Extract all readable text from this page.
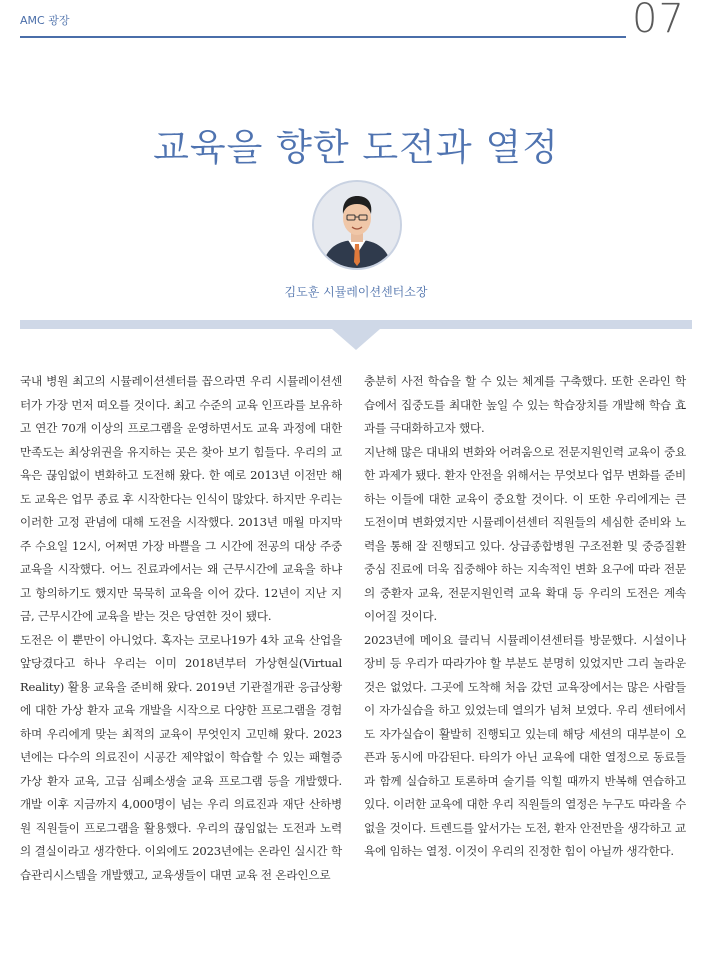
AMC 광장	07
교육을 향한 도전과 열정
김도훈 시뮬레이션센터소장

국내 병원 최고의 시뮬레이션센터를 꼽으라면 우리 시뮬레이션센터가 가장 먼저 떠오를 것이다. 최고 수준의 교육 인프라를 보유하고 연간 70개 이상의 프로그램을 운영하면서도 교육 과정에 대한 만족도는 최상위권을 유지하는 곳은 찾아 보기 힘들다. 우리의 교육은 끊임없이 변화하고 도전해 왔다. 한 예로 2013년 이전만 해도 교육은 업무 종료 후 시작한다는 인식이 많았다. 하지만 우리는 이러한 고정 관념에 대해 도전을 시작했다. 2013년 매월 마지막 주 수요일 12시, 어쩌면 가장 바쁠을 그 시간에 전공의 대상 주중 교육을 시작했다. 어느 진료과에서는 왜 근무시간에 교육을 하냐고 항의하기도 했지만 묵묵히 교육을 이어 갔다. 12년이 지난 지금, 근무시간에 교육을 받는 것은 당연한 것이 됐다.

도전은 이 뿐만이 아니었다. 혹자는 코로나19가 4차 교육 산업을 앞당겼다고 하나 우리는 이미 2018년부터 가상현실(Virtual Reality) 활용 교육을 준비해 왔다. 2019년 기관절개관 응급상황에 대한 가상 환자 교육 개발을 시작으로 다양한 프로그램을 경험하며 우리에게 맞는 최적의 교육이 무엇인지 고민해 왔다. 2023년에는 다수의 의료진이 시공간 제약없이 학습할 수 있는 패혈증 가상 환자 교육, 고급 심폐소생술 교육 프로그램 등을 개발했다. 개발 이후 지금까지 4,000명이 넘는 우리 의료진과 재단 산하병원 직원들이 프로그램을 활용했다. 우리의 끊임없는 도전과 노력의 결실이라고 생각한다. 이외에도 2023년에는 온라인 실시간 학습관리시스템을 개발했고, 교육생들이 대면 교육 전 온라인으로

충분히 사전 학습을 할 수 있는 체계를 구축했다. 또한 온라인 학습에서 집중도를 최대한 높일 수 있는 학습장치를 개발해 학습 효과를 극대화하고자 했다.

지난해 많은 대내외 변화와 어려움으로 전문지원인력 교육이 중요한 과제가 됐다. 환자 안전을 위해서는 무엇보다 업무 변화를 준비하는 이들에 대한 교육이 중요할 것이다. 이 또한 우리에게는 큰 도전이며 변화였지만 시뮬레이션센터 직원들의 세심한 준비와 노력을 통해 잘 진행되고 있다. 상급종합병원 구조전환 및 중증질환 중심 진료에 더욱 집중해야 하는 지속적인 변화 요구에 따라 전문의 중환자 교육, 전문지원인력 교육 확대 등 우리의 도전은 계속 이어질 것이다.

2023년에 메이요 클리닉 시뮬레이션센터를 방문했다. 시설이나 장비 등 우리가 따라가야 할 부분도 분명히 있었지만 그리 놀라운 것은 없었다. 그곳에 도착해 처음 갔던 교육장에서는 많은 사람들이 자가실습을 하고 있었는데 열의가 넘쳐 보였다. 우리 센터에서도 자가실습이 활발히 진행되고 있는데 해당 세션의 대부분이 오픈과 동시에 마감된다. 타의가 아닌 교육에 대한 열정으로 동료들과 함께 실습하고 토론하며 술기를 익힐 때까지 반복해 연습하고 있다. 이러한 교육에 대한 우리 직원들의 열정은 누구도 따라올 수 없을 것이다. 트렌드를 앞서가는 도전, 환자 안전만을 생각하고 교육에 임하는 열정. 이것이 우리의 진정한 힘이 아닐까 생각한다.
